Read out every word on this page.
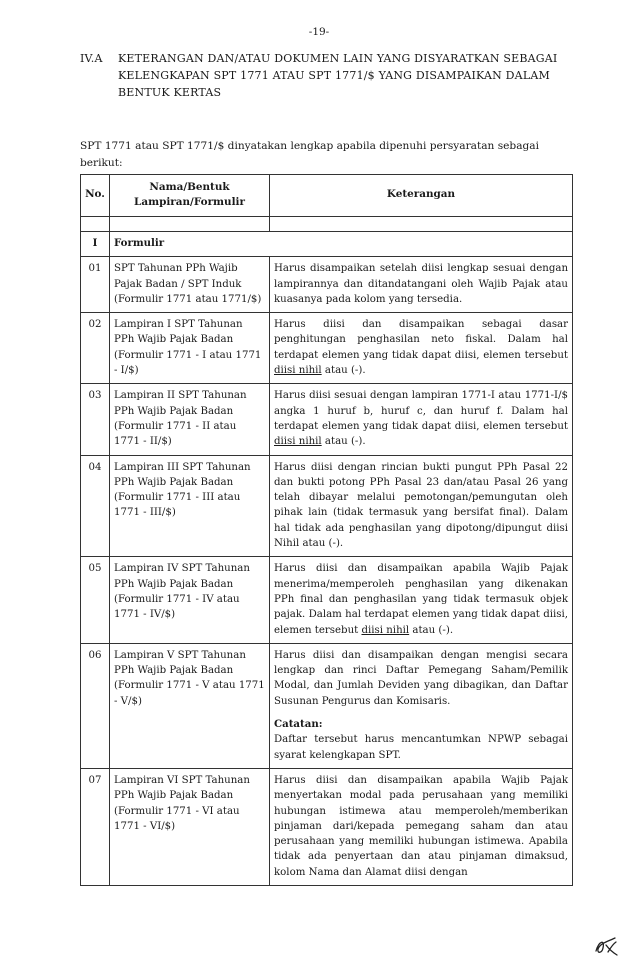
-19-
IV.A KETERANGAN DAN/ATAU DOKUMEN LAIN YANG DISYARATKAN SEBAGAI KELENGKAPAN SPT 1771 ATAU SPT 1771/$ YANG DISAMPAIKAN DALAM BENTUK KERTAS
SPT 1771 atau SPT 1771/$ dinyatakan lengkap apabila dipenuhi persyaratan sebagai berikut:
No.	Nama/Bentuk Lampiran/Formulir	Keterangan

I	Formulir	
01	SPT Tahunan PPh Wajib Pajak Badan / SPT Induk (Formulir 1771 atau 1771/$)	Harus disampaikan setelah diisi lengkap sesuai dengan lampirannya dan ditandatangani oleh Wajib Pajak atau kuasanya pada kolom yang tersedia.

02	Lampiran I SPT Tahunan PPh Wajib Pajak Badan (Formulir 1771 - I atau 1771 - I/$)	Harus diisi dan disampaikan sebagai dasar penghitungan penghasilan neto fiskal. Dalam hal terdapat elemen yang tidak dapat diisi, elemen tersebut diisi nihil atau (-).

03	Lampiran II SPT Tahunan PPh Wajib Pajak Badan (Formulir 1771 - II atau 1771 - II/$)	Harus diisi sesuai dengan lampiran 1771-I atau 1771-I/$ angka 1 huruf b, huruf c, dan huruf f. Dalam hal terdapat elemen yang tidak dapat diisi, elemen tersebut diisi nihil atau (-).

04	Lampiran III SPT Tahunan PPh Wajib Pajak Badan (Formulir 1771 - III atau 1771 - III/$)	Harus diisi dengan rincian bukti pungut PPh Pasal 22 dan bukti potong PPh Pasal 23 dan/atau Pasal 26 yang telah dibayar melalui pemotongan/pemungutan oleh pihak lain (tidak termasuk yang bersifat final). Dalam hal tidak ada penghasilan yang dipotong/dipungut diisi Nihil atau (-).

05	Lampiran IV SPT Tahunan PPh Wajib Pajak Badan (Formulir 1771 - IV atau 1771 - IV/$)	Harus diisi dan disampaikan apabila Wajib Pajak menerima/memperoleh penghasilan yang dikenakan PPh final dan penghasilan yang tidak termasuk objek pajak. Dalam hal terdapat elemen yang tidak dapat diisi, elemen tersebut diisi nihil atau (-).

06	Lampiran V SPT Tahunan PPh Wajib Pajak Badan (Formulir 1771 - V atau 1771 - V/$)	Harus diisi dan disampaikan dengan mengisi secara lengkap dan rinci Daftar Pemegang Saham/Pemilik Modal, dan Jumlah Deviden yang dibagikan, dan Daftar Susunan Pengurus dan Komisaris.
Catatan:
Daftar tersebut harus mencantumkan NPWP sebagai syarat kelengkapan SPT.

07	Lampiran VI SPT Tahunan PPh Wajib Pajak Badan (Formulir 1771 - VI atau 1771 - VI/$)	Harus diisi dan disampaikan apabila Wajib Pajak menyertakan modal pada perusahaan yang memiliki hubungan istimewa atau memperoleh/memberikan pinjaman dari/kepada pemegang saham dan atau perusahaan yang memiliki hubungan istimewa. Apabila tidak ada penyertaan dan atau pinjaman dimaksud, kolom Nama dan Alamat diisi dengan
